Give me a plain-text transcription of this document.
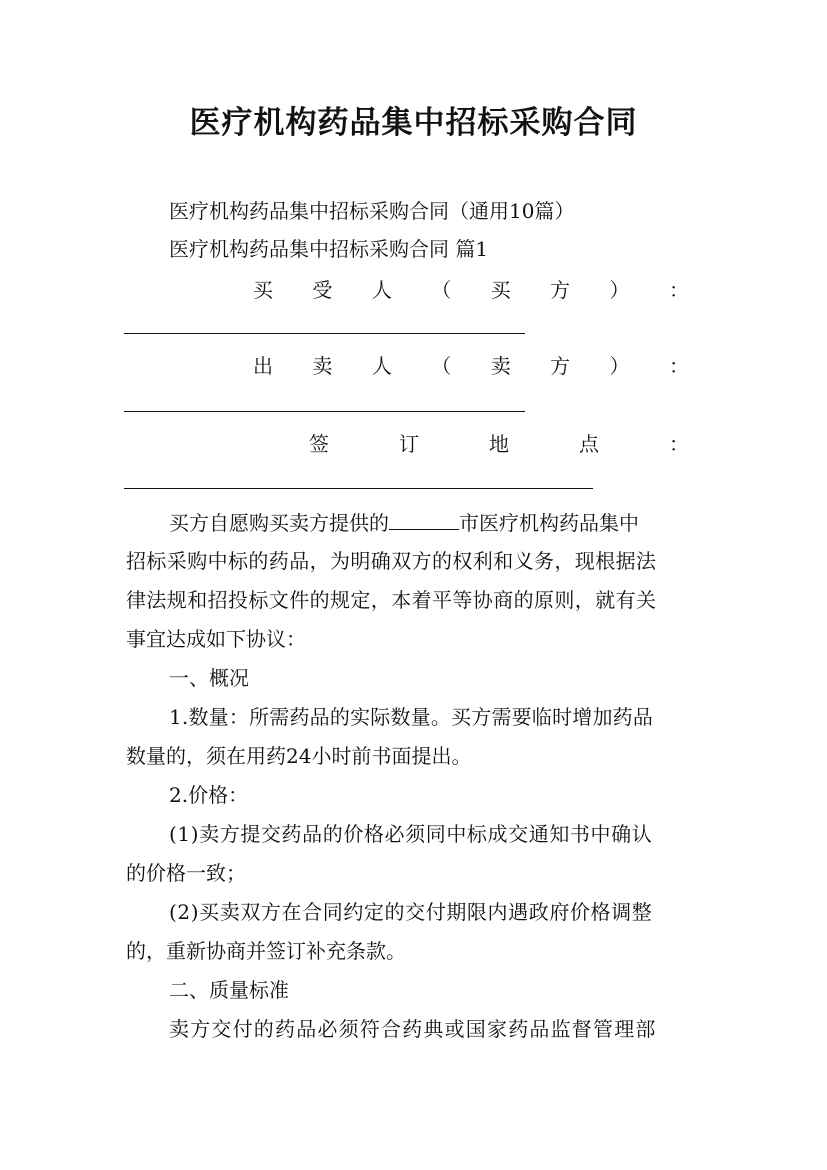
医疗机构药品集中招标采购合同
医疗机构药品集中招标采购合同（通用10篇）
医疗机构药品集中招标采购合同 篇1
买 受 人 （ 买 方 ） ：
出 卖 人 （ 卖 方 ） ：
签	订	地	点	：
买方自愿购买卖方提供的	市医疗机构药品集中
招标采购中标的药品，为明确双方的权利和义务，现根据法
律法规和招投标文件的规定，本着平等协商的原则，就有关
事宜达成如下协议：
一、概况
1.数量：所需药品的实际数量。买方需要临时增加药品
数量的，须在用药24小时前书面提出。
2.价格：
(1)卖方提交药品的价格必须同中标成交通知书中确认
的价格一致；
(2)买卖双方在合同约定的交付期限内遇政府价格调整
的，重新协商并签订补充条款。
二、质量标准
卖方交付的药品必须符合药典或国家药品监督管理部
